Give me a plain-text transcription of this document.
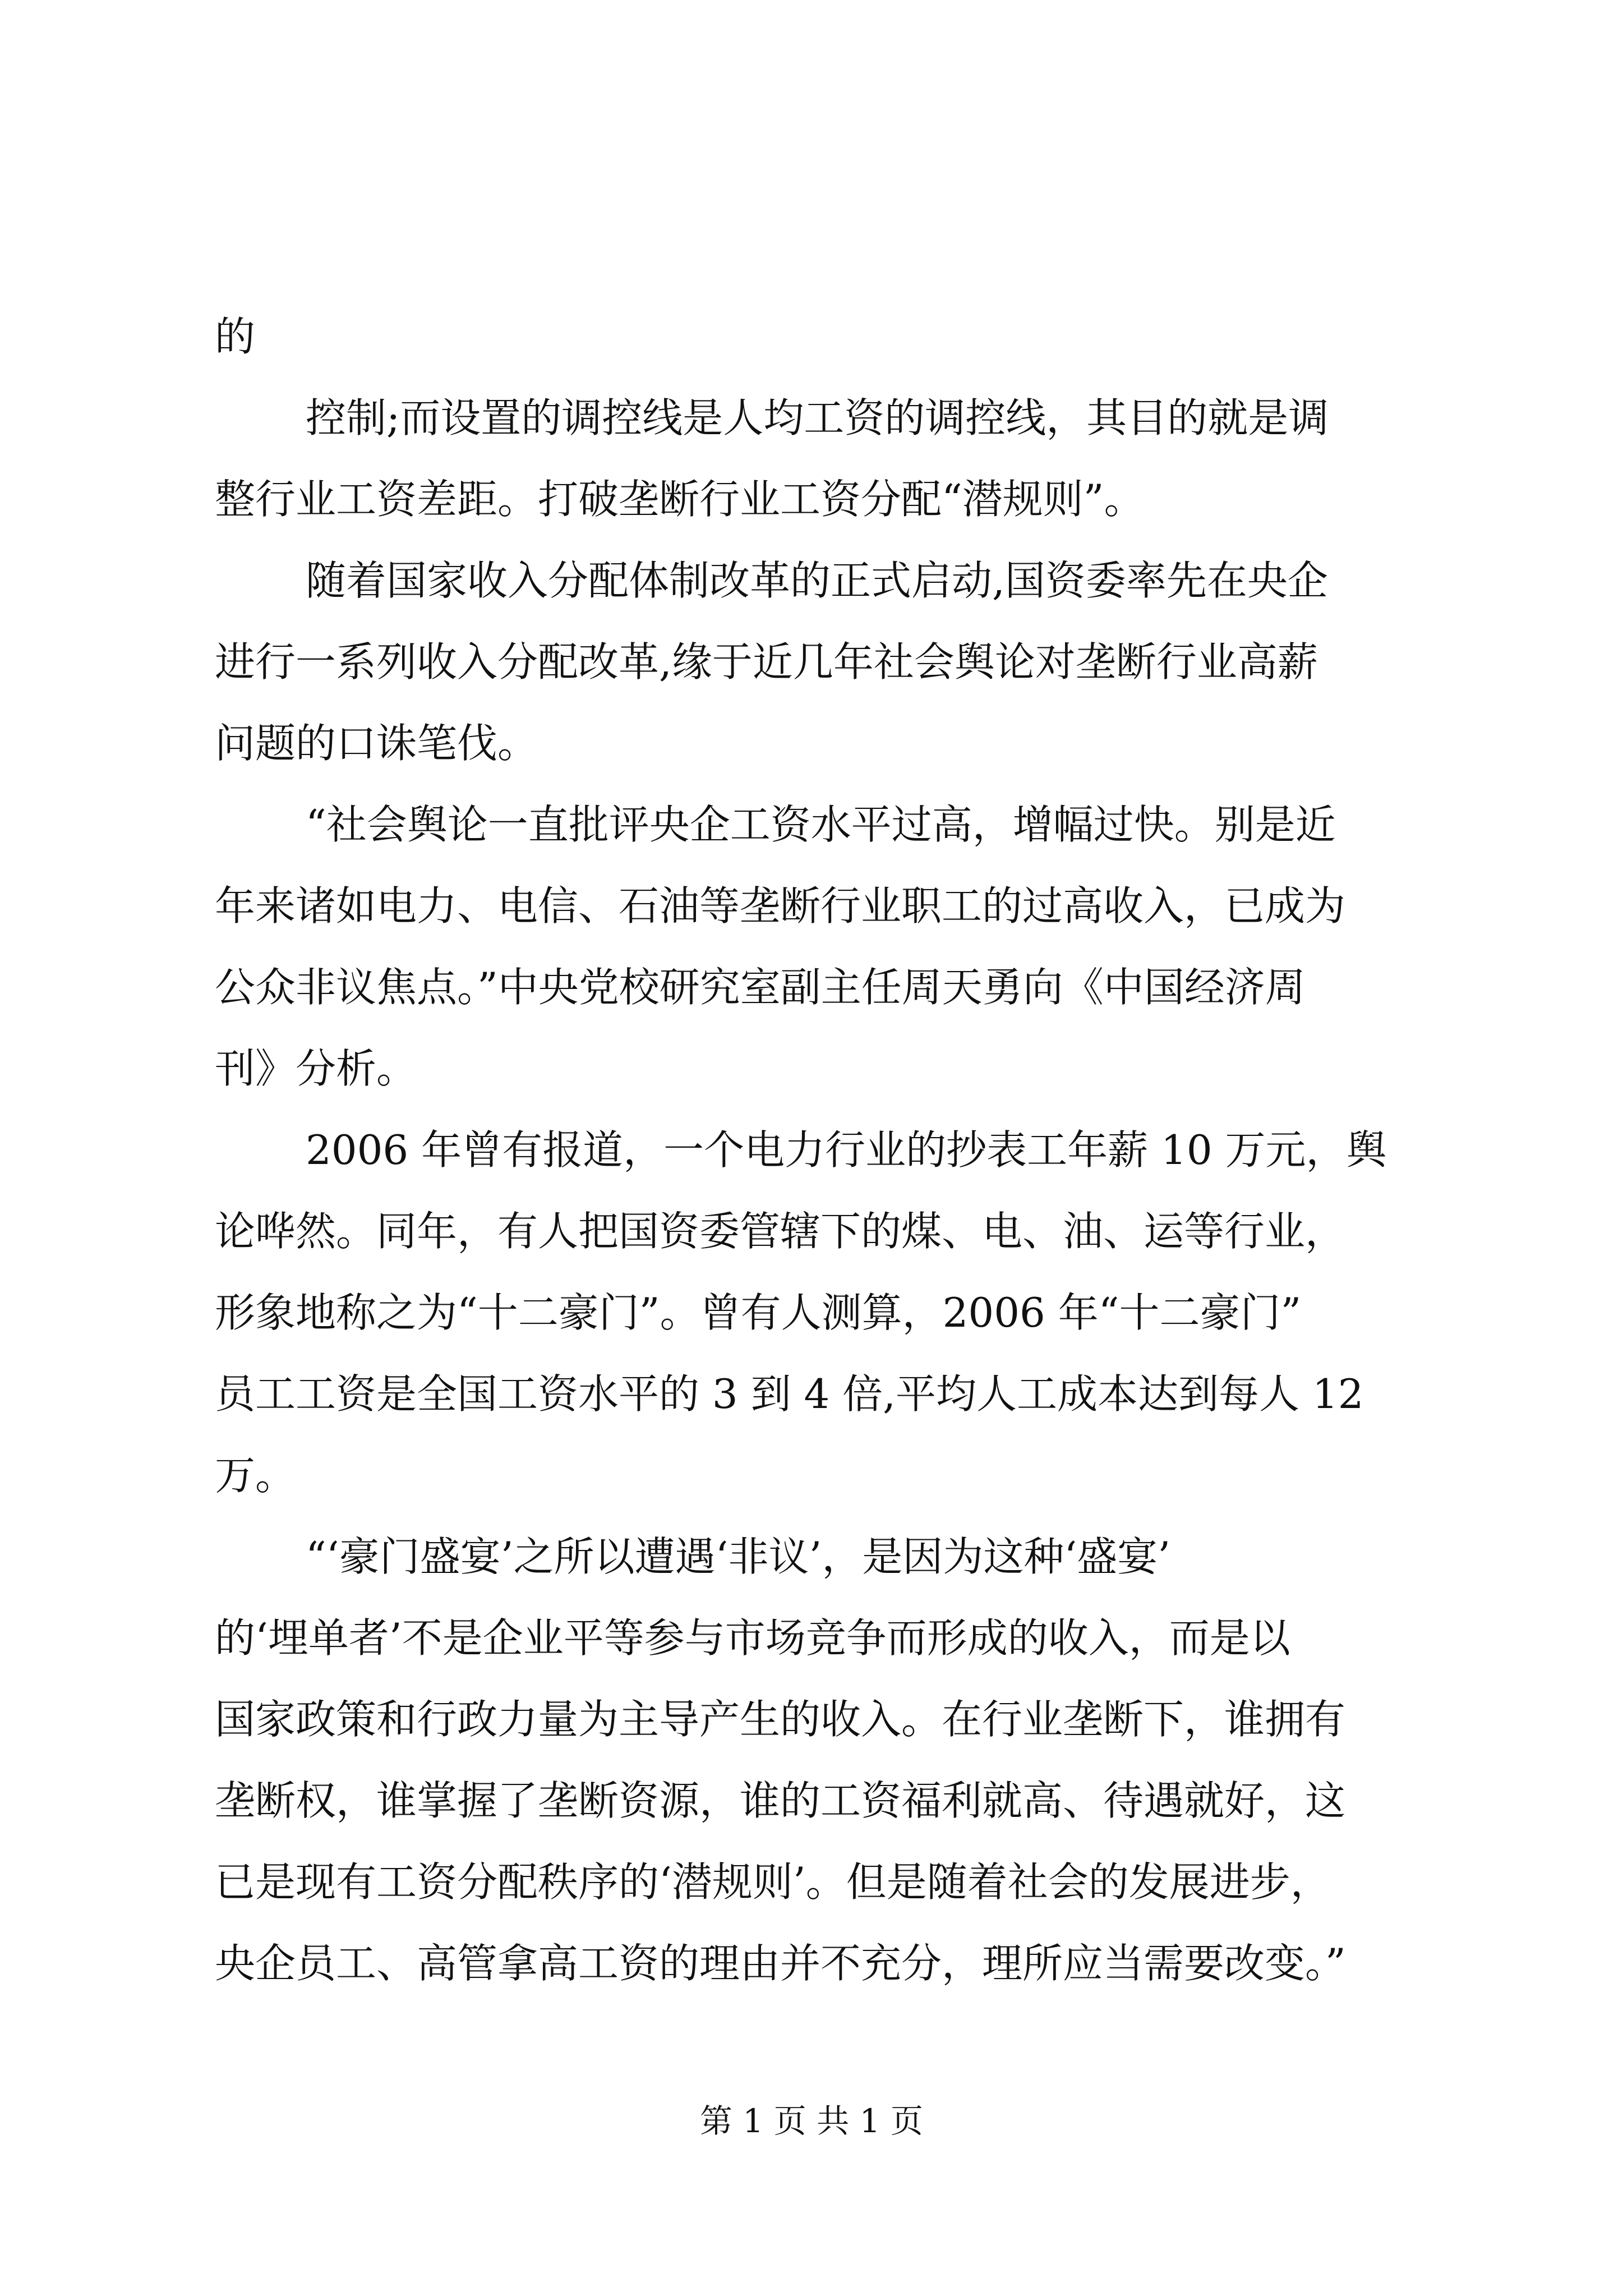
的
控制;而设置的调控线是人均工资的调控线，其目的就是调
整行业工资差距。打破垄断行业工资分配“潜规则”。
随着国家收入分配体制改革的正式启动,国资委率先在央企
进行一系列收入分配改革,缘于近几年社会舆论对垄断行业高薪
问题的口诛笔伐。
“社会舆论一直批评央企工资水平过高，增幅过快。别是近
年来诸如电力、电信、石油等垄断行业职工的过高收入，已成为
公众非议焦点。”中央党校研究室副主任周天勇向《中国经济周
刊》分析。
2006 年曾有报道，一个电力行业的抄表工年薪 10 万元，舆
论哗然。同年，有人把国资委管辖下的煤、电、油、运等行业，
形象地称之为“十二豪门”。曾有人测算，2006 年“十二豪门”
员工工资是全国工资水平的 3 到 4 倍,平均人工成本达到每人 12
万。
“‘豪门盛宴’之所以遭遇‘非议’，是因为这种‘盛宴’
的‘埋单者’不是企业平等参与市场竞争而形成的收入，而是以
国家政策和行政力量为主导产生的收入。在行业垄断下，谁拥有
垄断权，谁掌握了垄断资源，谁的工资福利就高、待遇就好，这
已是现有工资分配秩序的‘潜规则’。但是随着社会的发展进步，
央企员工、高管拿高工资的理由并不充分，理所应当需要改变。”
第 1 页 共 1 页
